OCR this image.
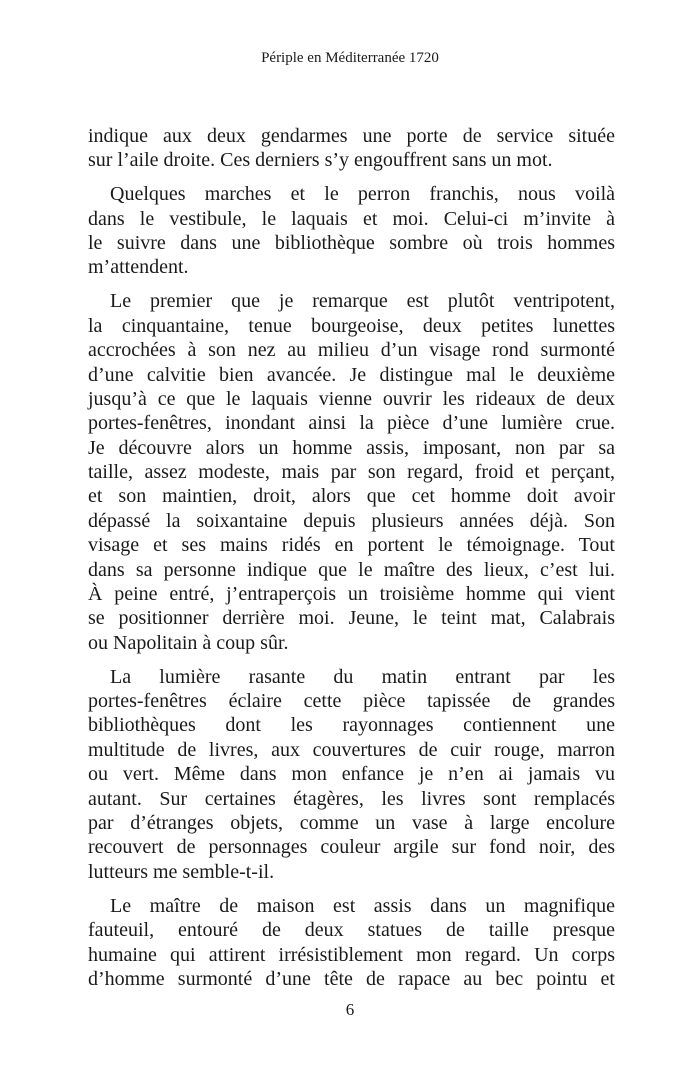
Périple en Méditerranée 1720
indique aux deux gendarmes une porte de service située
sur l’aile droite. Ces derniers s’y engouffrent sans un mot.
Quelques marches et le perron franchis, nous voilà
dans le vestibule, le laquais et moi. Celui-ci m’invite à
le suivre dans une bibliothèque sombre où trois hommes
m’attendent.
Le premier que je remarque est plutôt ventripotent,
la cinquantaine, tenue bourgeoise, deux petites lunettes
accrochées à son nez au milieu d’un visage rond surmonté
d’une calvitie bien avancée. Je distingue mal le deuxième
jusqu’à ce que le laquais vienne ouvrir les rideaux de deux
portes-fenêtres, inondant ainsi la pièce d’une lumière crue.
Je découvre alors un homme assis, imposant, non par sa
taille, assez modeste, mais par son regard, froid et perçant,
et son maintien, droit, alors que cet homme doit avoir
dépassé la soixantaine depuis plusieurs années déjà. Son
visage et ses mains ridés en portent le témoignage. Tout
dans sa personne indique que le maître des lieux, c’est lui.
À peine entré, j’entraperçois un troisième homme qui vient
se positionner derrière moi. Jeune, le teint mat, Calabrais
ou Napolitain à coup sûr.
La lumière rasante du matin entrant par les
portes-fenêtres éclaire cette pièce tapissée de grandes
bibliothèques dont les rayonnages contiennent une
multitude de livres, aux couvertures de cuir rouge, marron
ou vert. Même dans mon enfance je n’en ai jamais vu
autant. Sur certaines étagères, les livres sont remplacés
par d’étranges objets, comme un vase à large encolure
recouvert de personnages couleur argile sur fond noir, des
lutteurs me semble-t-il.
Le maître de maison est assis dans un magnifique
fauteuil, entouré de deux statues de taille presque
humaine qui attirent irrésistiblement mon regard. Un corps
d’homme surmonté d’une tête de rapace au bec pointu et
6
